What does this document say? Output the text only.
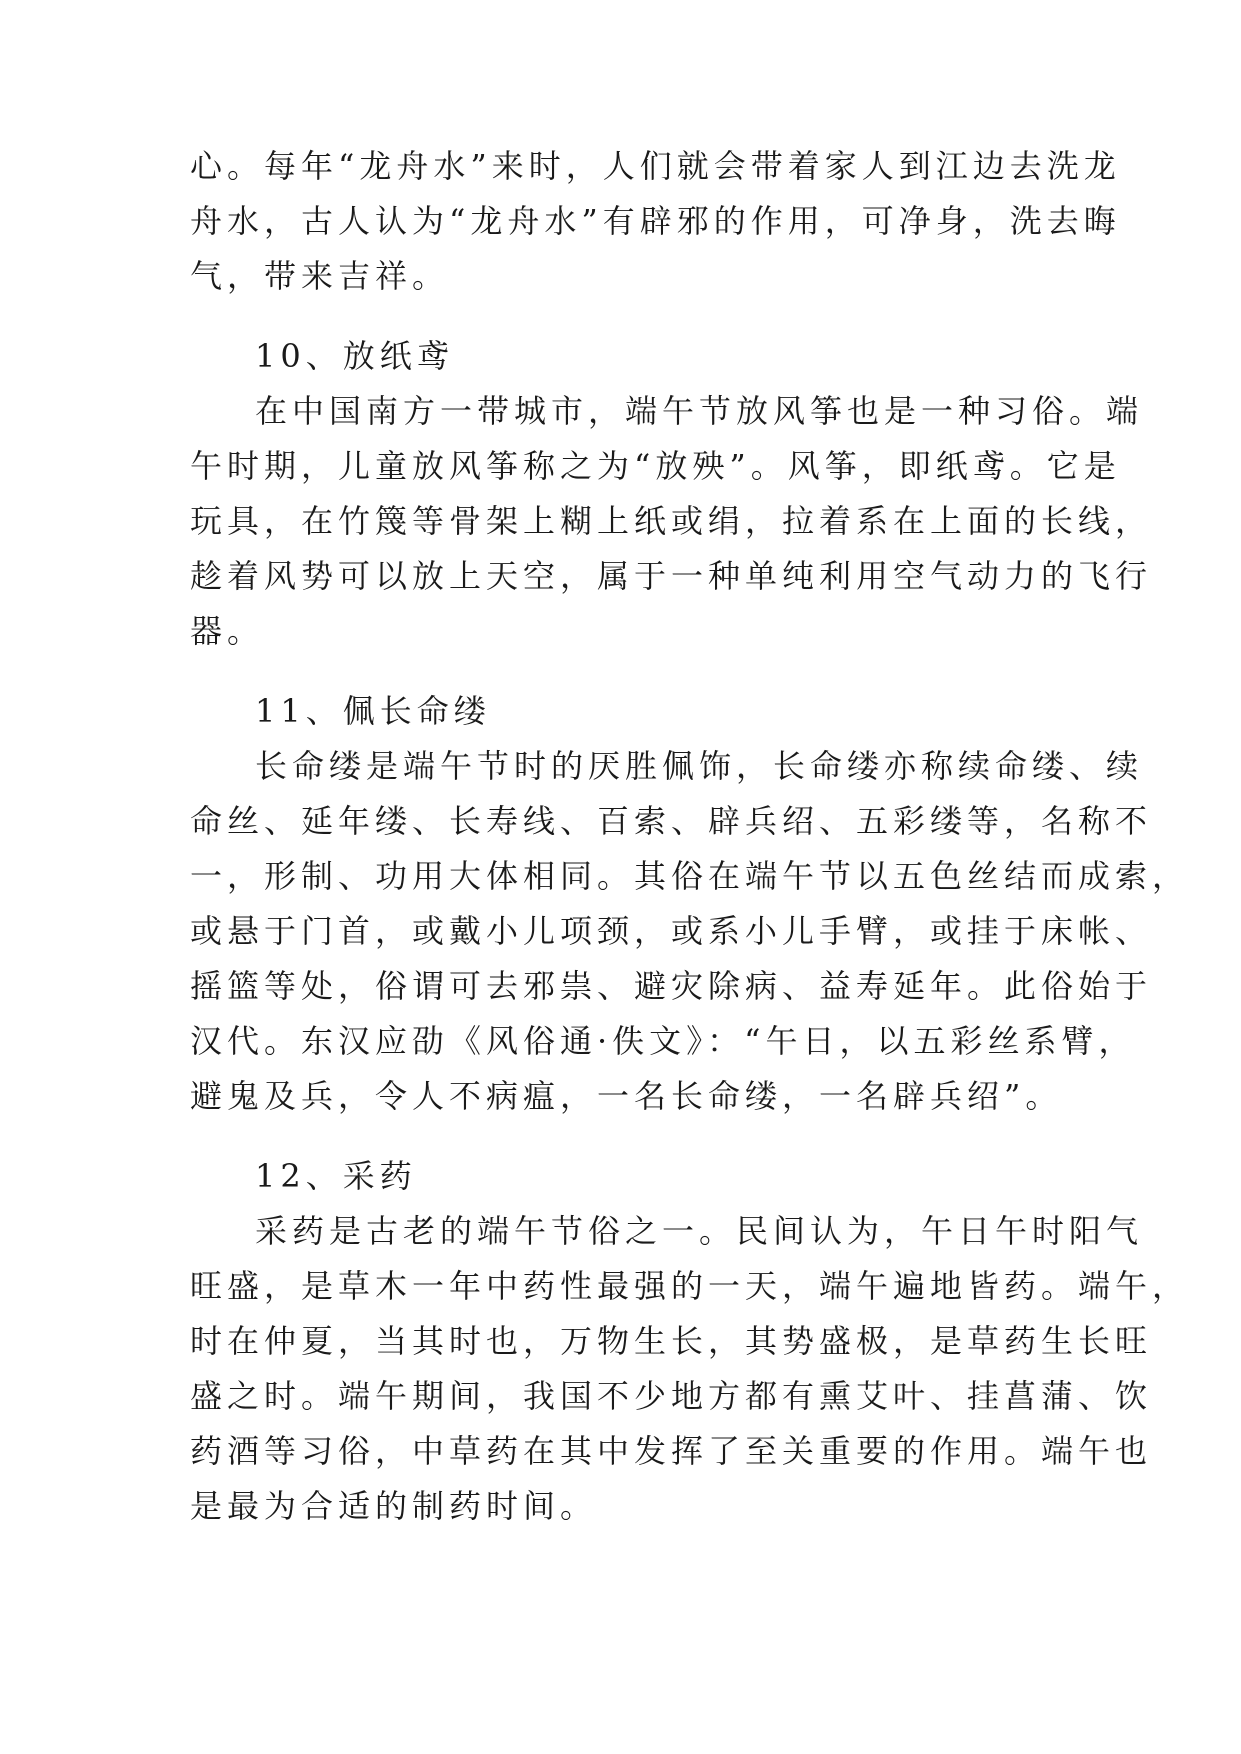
心。每年“龙舟水”来时，人们就会带着家人到江边去洗龙
舟水，古人认为“龙舟水”有辟邪的作用，可净身，洗去晦
气，带来吉祥。
10、放纸鸢
在中国南方一带城市，端午节放风筝也是一种习俗。端
午时期，儿童放风筝称之为“放殃”。风筝，即纸鸢。它是
玩具，在竹篾等骨架上糊上纸或绢，拉着系在上面的长线，
趁着风势可以放上天空，属于一种单纯利用空气动力的飞行
器。
11、佩长命缕
长命缕是端午节时的厌胜佩饰，长命缕亦称续命缕、续
命丝、延年缕、长寿线、百索、辟兵绍、五彩缕等，名称不
一，形制、功用大体相同。其俗在端午节以五色丝结而成索，
或悬于门首，或戴小儿项颈，或系小儿手臂，或挂于床帐、
摇篮等处，俗谓可去邪祟、避灾除病、益寿延年。此俗始于
汉代。东汉应劭《风俗通·佚文》：“午日，以五彩丝系臂，
避鬼及兵，令人不病瘟，一名长命缕，一名辟兵绍”。
12、采药
采药是古老的端午节俗之一。民间认为，午日午时阳气
旺盛，是草木一年中药性最强的一天，端午遍地皆药。端午，
时在仲夏，当其时也，万物生长，其势盛极，是草药生长旺
盛之时。端午期间，我国不少地方都有熏艾叶、挂菖蒲、饮
药酒等习俗，中草药在其中发挥了至关重要的作用。端午也
是最为合适的制药时间。
